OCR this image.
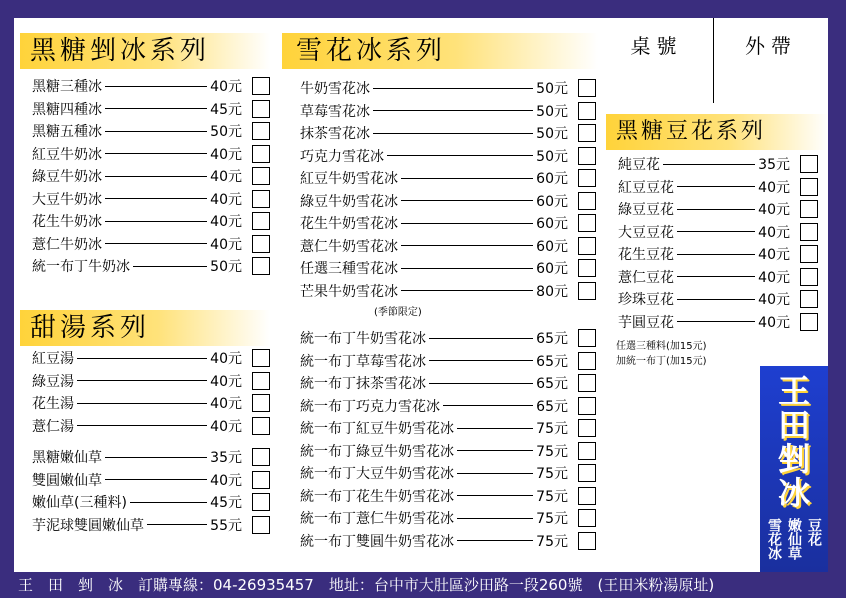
黑糖剉冰系列
黑糖三種冰	40元
黑糖四種冰	45元
黑糖五種冰	50元
紅豆牛奶冰	40元
綠豆牛奶冰	40元
大豆牛奶冰	40元
花生牛奶冰	40元
薏仁牛奶冰	40元
統一布丁牛奶冰	50元
甜湯系列
紅豆湯	40元
綠豆湯	40元
花生湯	40元
薏仁湯	40元
黑糖嫩仙草	35元
雙圓嫩仙草	40元
嫩仙草(三種料)	45元
芋泥球雙圓嫩仙草	55元
雪花冰系列
牛奶雪花冰	50元
草莓雪花冰	50元
抹茶雪花冰	50元
巧克力雪花冰	50元
紅豆牛奶雪花冰	60元
綠豆牛奶雪花冰	60元
花生牛奶雪花冰	60元
薏仁牛奶雪花冰	60元
任選三種雪花冰	60元
芒果牛奶雪花冰	80元
(季節限定)
統一布丁牛奶雪花冰	65元
統一布丁草莓雪花冰	65元
統一布丁抹茶雪花冰	65元
統一布丁巧克力雪花冰	65元
統一布丁紅豆牛奶雪花冰	75元
統一布丁綠豆牛奶雪花冰	75元
統一布丁大豆牛奶雪花冰	75元
統一布丁花生牛奶雪花冰	75元
統一布丁薏仁牛奶雪花冰	75元
統一布丁雙圓牛奶雪花冰	75元
桌號	外帶
黑糖豆花系列
純豆花	35元
紅豆豆花	40元
綠豆豆花	40元
大豆豆花	40元
花生豆花	40元
薏仁豆花	40元
珍珠豆花	40元
芋圓豆花	40元
任選三種料(加15元)
加統一布丁(加15元)
王
田
剉
冰
豆花
嫩仙草
雪花冰
王　田　剉　冰　訂購專線：04-26935457　地址：台中市大肚區沙田路一段260號　(王田米粉湯原址)
